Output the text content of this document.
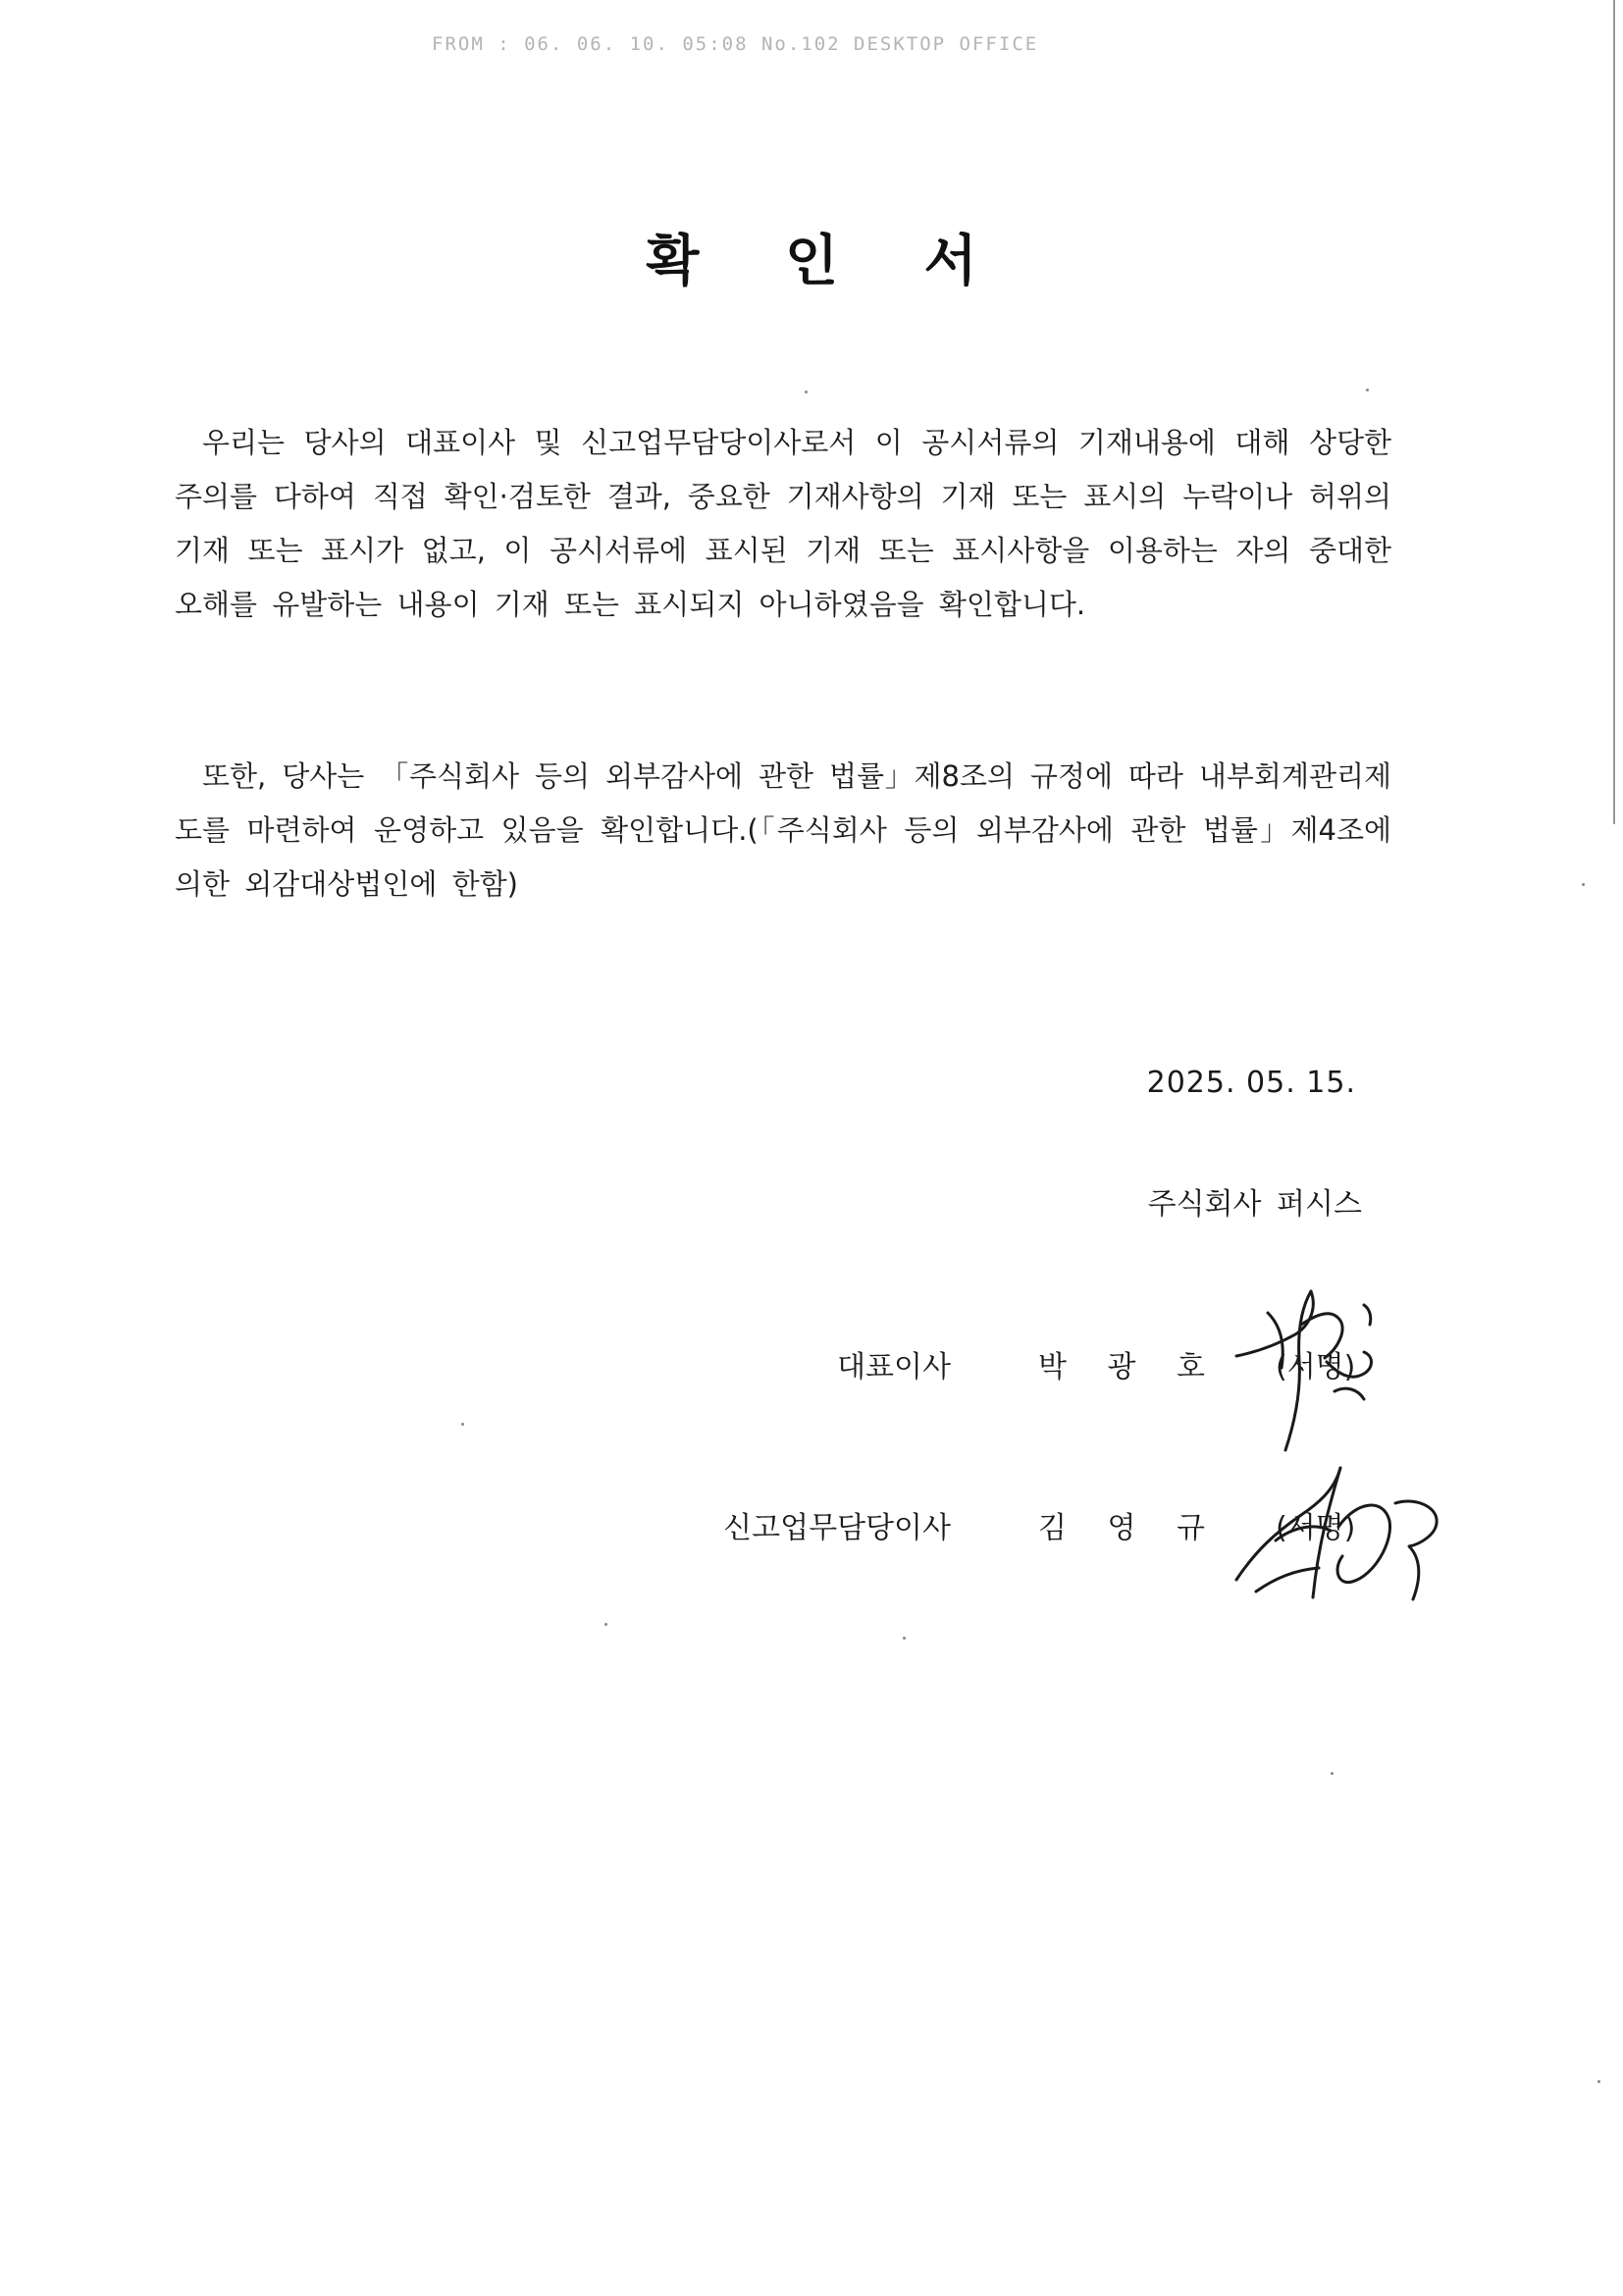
FROM : 06. 06. 10. 05:08 No.102 DESKTOP OFFICE
확 인 서

우리는 당사의 대표이사 및 신고업무담당이사로서 이 공시서류의 기재내용에 대해 상당한 주의를 다하여 직접 확인·검토한 결과, 중요한 기재사항의 기재 또는 표시의 누락이나 허위의 기재 또는 표시가 없고, 이 공시서류에 표시된 기재 또는 표시사항을 이용하는 자의 중대한 오해를 유발하는 내용이 기재 또는 표시되지 아니하였음을 확인합니다.

또한, 당사는 「주식회사 등의 외부감사에 관한 법률」제8조의 규정에 따라 내부회계관리제도를 마련하여 운영하고 있음을 확인합니다.(「주식회사 등의 외부감사에 관한 법률」제4조에 의한 외감대상법인에 한함)

2025. 05. 15.
주식회사 퍼시스
대표이사	박 광 호 (서명)
신고업무담당이사	김 영 규 (서명)
